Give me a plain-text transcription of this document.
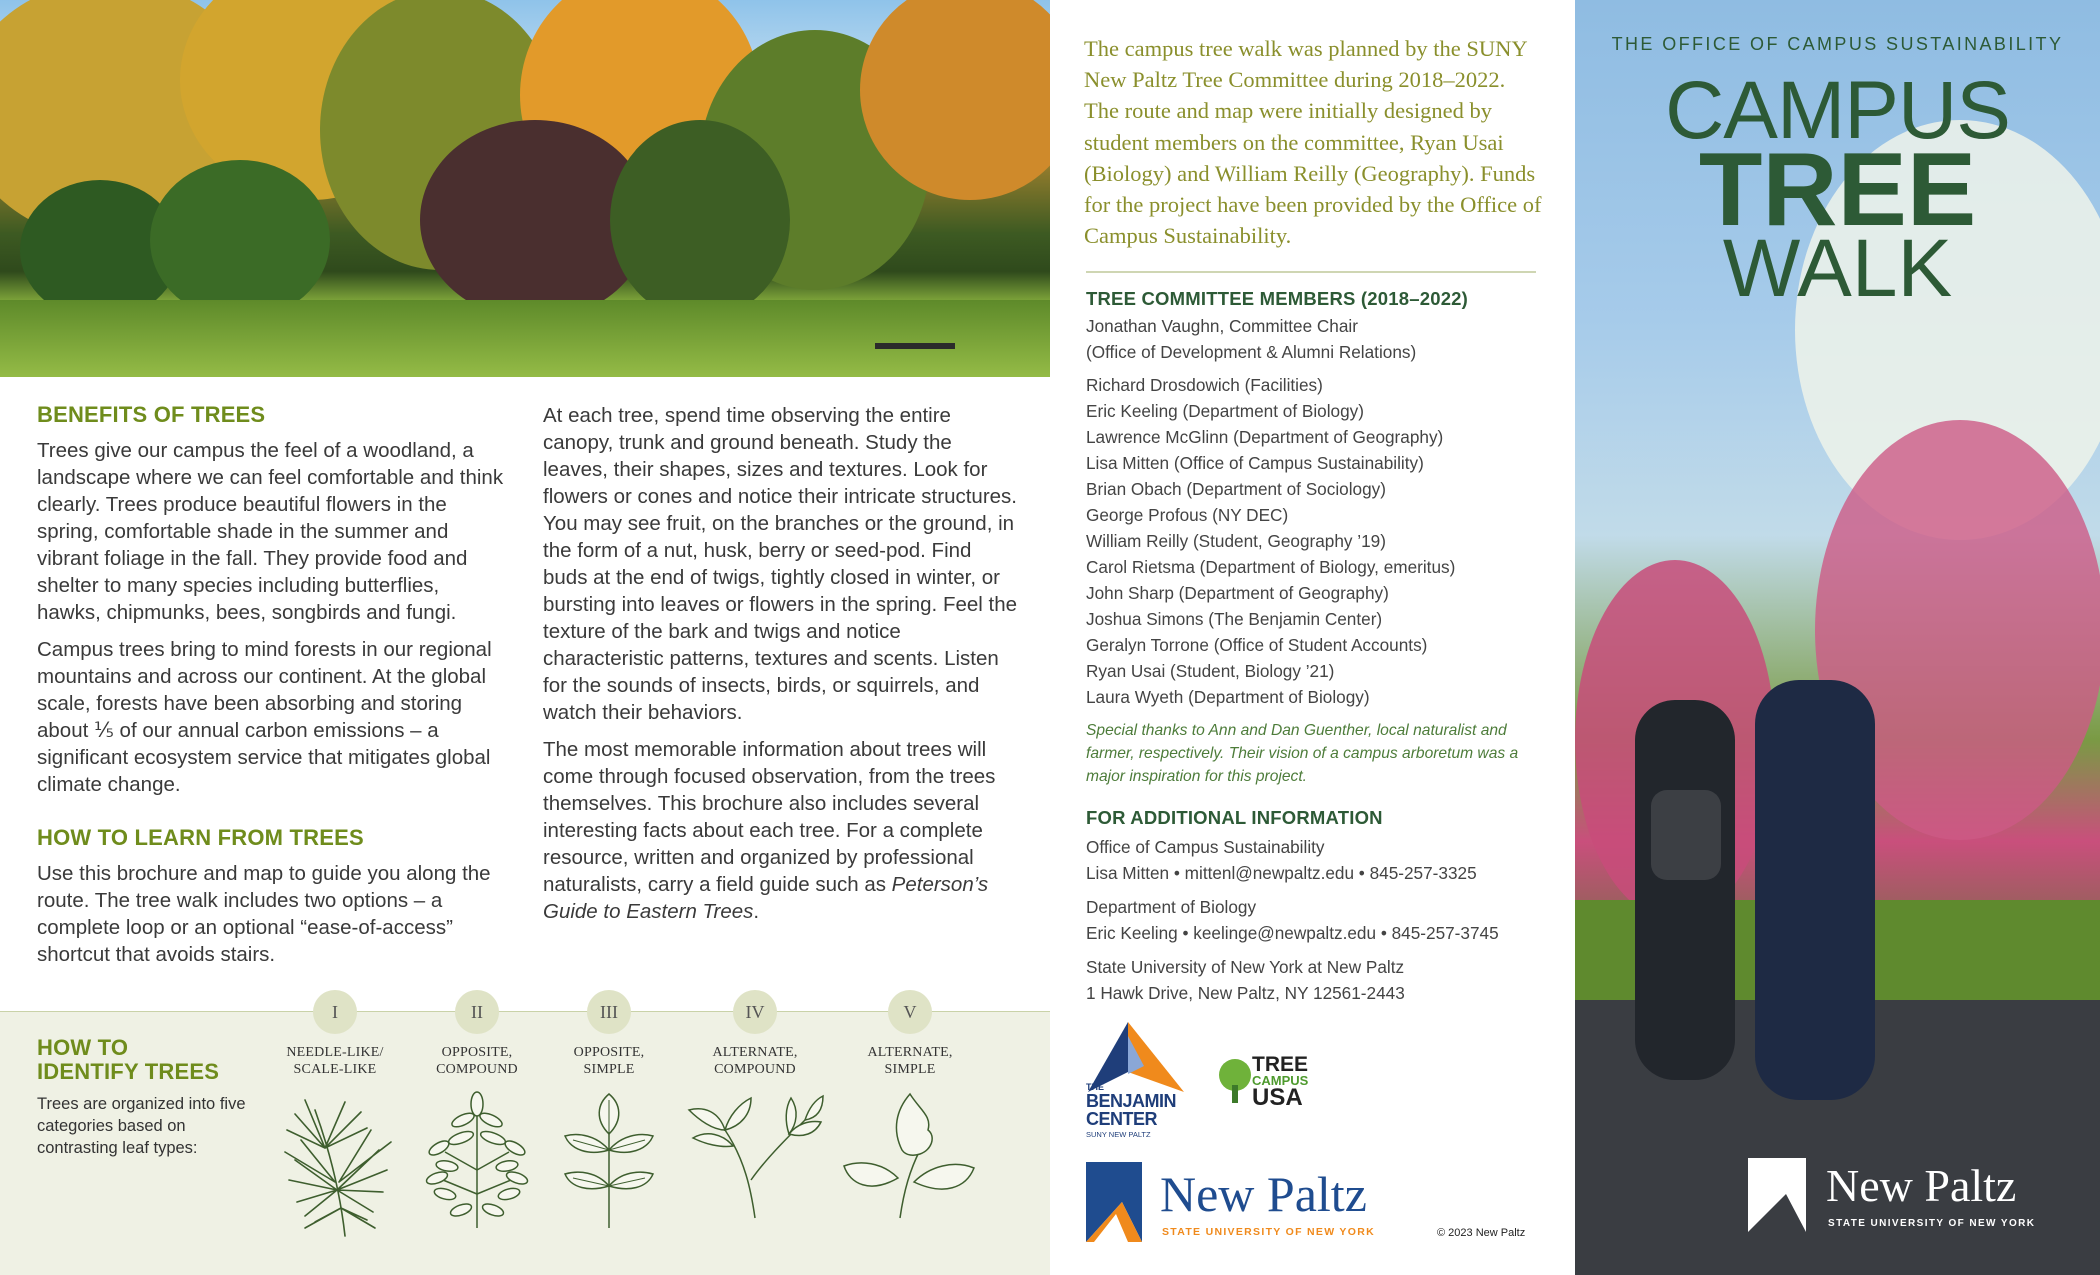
BENEFITS OF TREES

Trees give our campus the feel of a woodland, a landscape where we can feel comfortable and think clearly. Trees produce beautiful flowers in the spring, comfortable shade in the summer and vibrant foliage in the fall. They provide food and shelter to many species including butterflies, hawks, chipmunks, bees, songbirds and fungi.

Campus trees bring to mind forests in our regional mountains and across our continent. At the global scale, forests have been absorbing and storing about ⅕ of our annual carbon emissions – a significant ecosystem service that mitigates global climate change.

HOW TO LEARN FROM TREES

Use this brochure and map to guide you along the route. The tree walk includes two options – a complete loop or an optional “ease-of-access” shortcut that avoids stairs.

At each tree, spend time observing the entire canopy, trunk and ground beneath. Study the leaves, their shapes, sizes and textures. Look for flowers or cones and notice their intricate structures. You may see fruit, on the branches or the ground, in the form of a nut, husk, berry or seed-pod. Find buds at the end of twigs, tightly closed in winter, or bursting into leaves or flowers in the spring. Feel the texture of the bark and twigs and notice characteristic patterns, textures and scents. Listen for the sounds of insects, birds, or squirrels, and watch their behaviors.

The most memorable information about trees will come through focused observation, from the trees themselves. This brochure also includes several interesting facts about each tree. For a complete resource, written and organized by professional naturalists, carry a field guide such as Peterson’s Guide to Eastern Trees.

HOW TO
IDENTIFY TREES
Trees are organized into five categories based on contrasting leaf types:
I
NEEDLE-LIKE/
SCALE-LIKE
II
OPPOSITE,
COMPOUND
III
OPPOSITE,
SIMPLE
IV
ALTERNATE,
COMPOUND
V
ALTERNATE,
SIMPLE
The campus tree walk was planned by the SUNY New Paltz Tree Committee during 2018–2022. The route and map were initially designed by student members on the committee, Ryan Usai (Biology) and William Reilly (Geography). Funds for the project have been provided by the Office of Campus Sustainability.
TREE COMMITTEE MEMBERS (2018–2022)
Jonathan Vaughn, Committee Chair
(Office of Development & Alumni Relations)
Richard Drosdowich (Facilities)
Eric Keeling (Department of Biology)
Lawrence McGlinn (Department of Geography)
Lisa Mitten (Office of Campus Sustainability)
Brian Obach (Department of Sociology)
George Profous (NY DEC)
William Reilly (Student, Geography ’19)
Carol Rietsma (Department of Biology, emeritus)
John Sharp (Department of Geography)
Joshua Simons (The Benjamin Center)
Geralyn Torrone (Office of Student Accounts)
Ryan Usai (Student, Biology ’21)
Laura Wyeth (Department of Biology)
Special thanks to Ann and Dan Guenther, local naturalist and farmer, respectively. Their vision of a campus arboretum was a major inspiration for this project.
FOR ADDITIONAL INFORMATION
Office of Campus Sustainability
Lisa Mitten • mittenl@newpaltz.edu • 845-257-3325
Department of Biology
Eric Keeling • keelinge@newpaltz.edu • 845-257-3745
State University of New York at New Paltz
1 Hawk Drive, New Paltz, NY 12561-2443
THE
BENJAMIN
CENTER
SUNY NEW PALTZ
TREE
CAMPUS
USA
New Paltz
STATE UNIVERSITY OF NEW YORK	© 2023 New Paltz
THE OFFICE OF CAMPUS SUSTAINABILITY
CAMPUS
TREE
WALK
New Paltz
STATE UNIVERSITY OF NEW YORK
